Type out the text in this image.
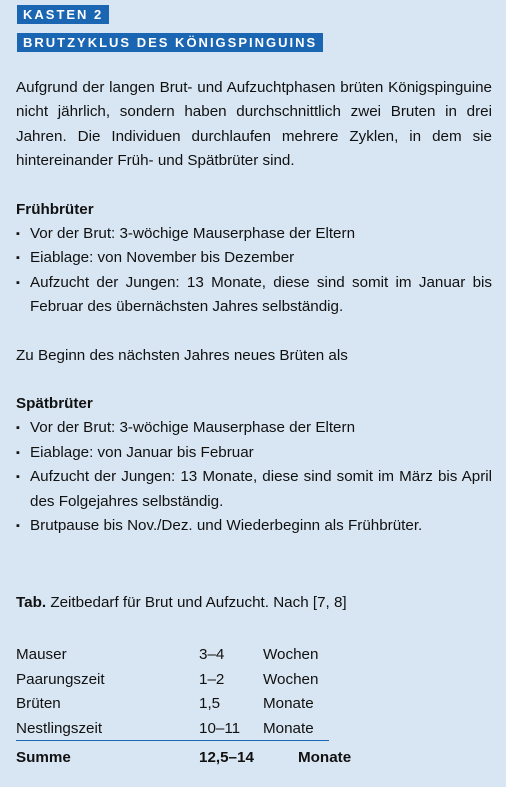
KASTEN 2
BRUTZYKLUS DES KÖNIGSPINGUINS

Aufgrund der langen Brut- und Aufzuchtphasen brüten Königspinguine nicht jährlich, sondern haben durchschnittlich zwei Bruten in drei Jahren. Die Individuen durchlaufen mehrere Zyklen, in dem sie hintereinander Früh- und Spätbrüter sind.

Frühbrüter
▪ Vor der Brut: 3-wöchige Mauserphase der Eltern
▪ Eiablage: von November bis Dezember
▪ Aufzucht der Jungen: 13 Monate, diese sind somit im Januar bis Februar des übernächsten Jahres selbständig.

Zu Beginn des nächsten Jahres neues Brüten als

Spätbrüter
▪ Vor der Brut: 3-wöchige Mauserphase der Eltern
▪ Eiablage: von Januar bis Februar
▪ Aufzucht der Jungen: 13 Monate, diese sind somit im März bis April des Folgejahres selbständig.
▪ Brutpause bis Nov./Dez. und Wiederbeginn als Frühbrüter.
Tab. Zeitbedarf für Brut und Aufzucht. Nach [7, 8]
Mauser	3–4	Wochen
Paarungszeit	1–2	Wochen
Brüten	1,5	Monate
Nestlingszeit	10–11	Monate
Summe	12,5–14	Monate
